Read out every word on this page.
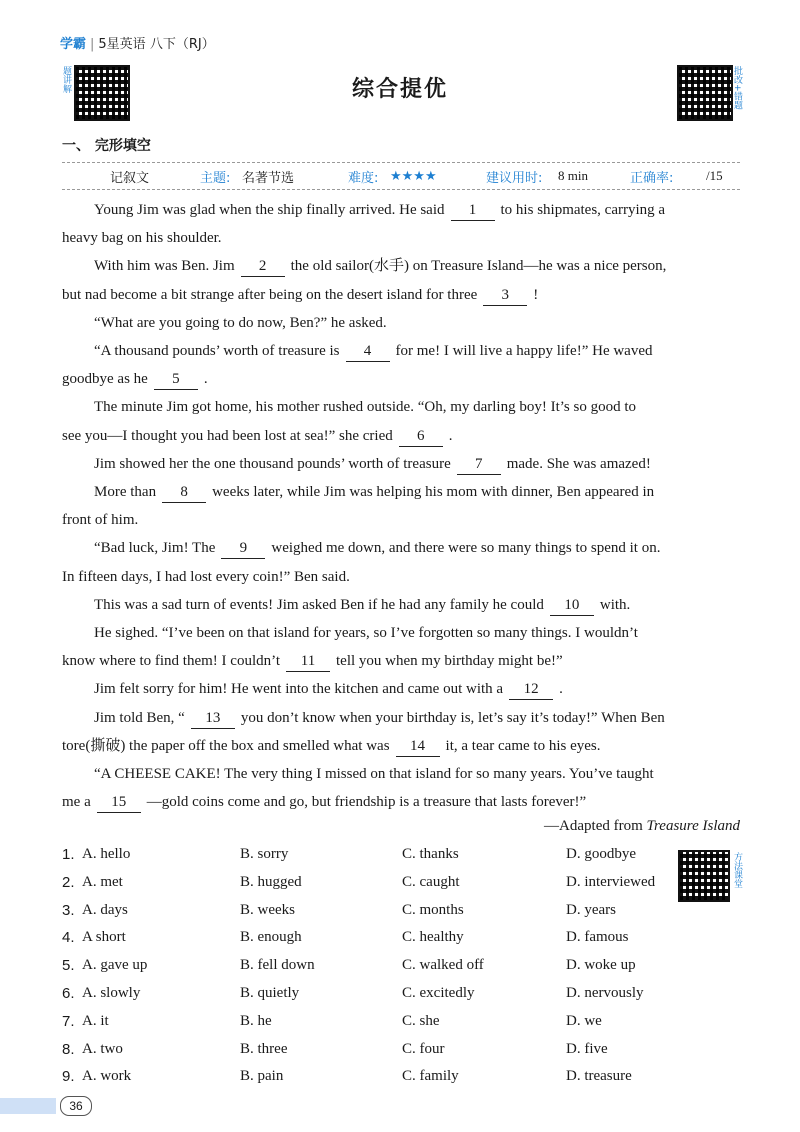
学霸 | 5星英语 八下（RJ）
题讲解	批改+错题
综合提优
一、 完形填空
记叙文	主题: 名著节选	难度: ★★★★	建议用时: 8 min	正确率:	/15
Young Jim was glad when the ship finally arrived. He said 1 to his shipmates, carrying a
heavy bag on his shoulder.
With him was Ben. Jim 2 the old sailor(水手) on Treasure Island—he was a nice person,
but nad become a bit strange after being on the desert island for three 3 !
“What are you going to do now, Ben?” he asked.
“A thousand pounds’ worth of treasure is 4 for me! I will live a happy life!” He waved
goodbye as he 5 .
The minute Jim got home, his mother rushed outside. “Oh, my darling boy! It’s so good to
see you—I thought you had been lost at sea!” she cried 6 .
Jim showed her the one thousand pounds’ worth of treasure 7 made. She was amazed!
More than 8 weeks later, while Jim was helping his mom with dinner, Ben appeared in
front of him.
“Bad luck, Jim! The 9 weighed me down, and there were so many things to spend it on.
In fifteen days, I had lost every coin!” Ben said.
This was a sad turn of events! Jim asked Ben if he had any family he could 10 with.
He sighed. “I’ve been on that island for years, so I’ve forgotten so many things. I wouldn’t
know where to find them! I couldn’t 11 tell you when my birthday might be!”
Jim felt sorry for him! He went into the kitchen and came out with a 12 .
Jim told Ben, “ 13 you don’t know when your birthday is, let’s say it’s today!” When Ben
tore(撕破) the paper off the box and smelled what was 14 it, a tear came to his eyes.
“A CHEESE CAKE! The very thing I missed on that island for so many years. You’ve taught
me a 15 —gold coins come and go, but friendship is a treasure that lasts forever!”
—Adapted from Treasure Island
方法课堂
1. A. hello	B. sorry	C. thanks	D. goodbye
2. A. met	B. hugged	C. caught	D. interviewed
3. A. days	B. weeks	C. months	D. years
4. A short	B. enough	C. healthy	D. famous
5. A. gave up	B. fell down	C. walked off	D. woke up
6. A. slowly	B. quietly	C. excitedly	D. nervously
7. A. it	B. he	C. she	D. we
8. A. two	B. three	C. four	D. five
9. A. work	B. pain	C. family	D. treasure
36
